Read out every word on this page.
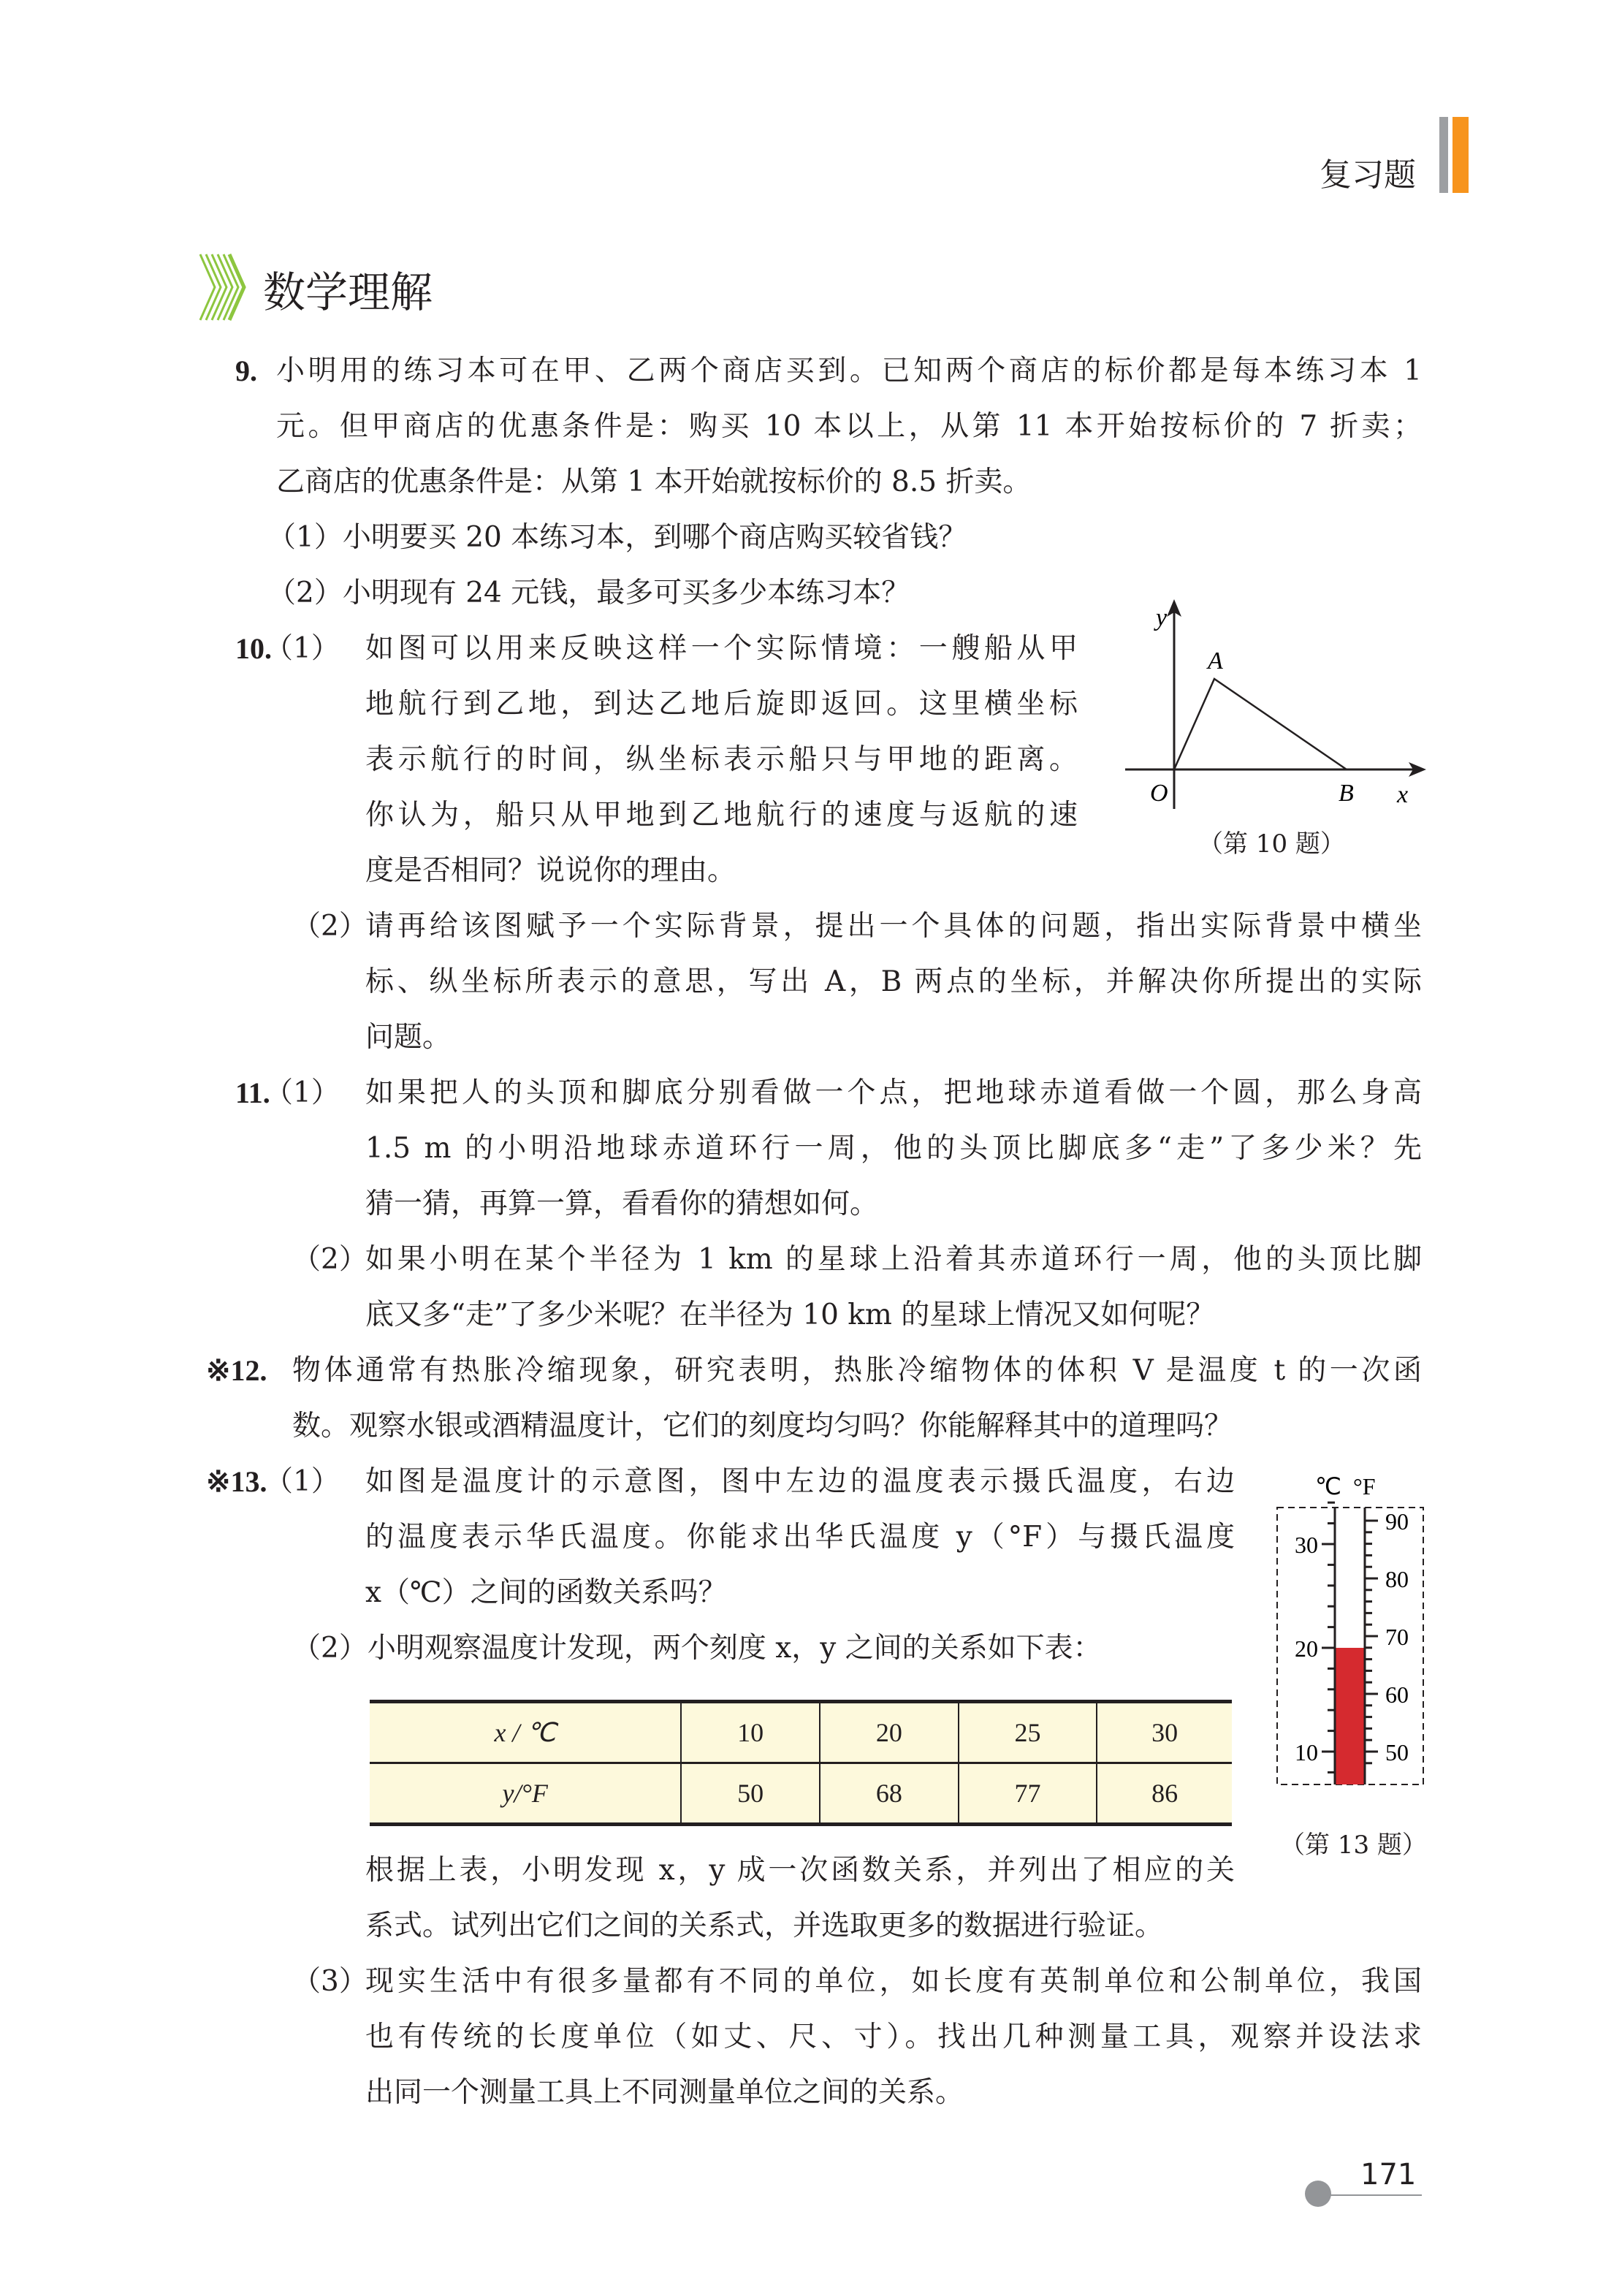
复习题
数学理解
9. 小明用的练习本可在甲、乙两个商店买到。已知两个商店的标价都是每本练习本 1
元。但甲商店的优惠条件是：购买 10 本以上，从第 11 本开始按标价的 7 折卖；
乙商店的优惠条件是：从第 1 本开始就按标价的 8.5 折卖。
（1）小明要买 20 本练习本，到哪个商店购买较省钱？
（2）小明现有 24 元钱，最多可买多少本练习本？
10.
（1） 如图可以用来反映这样一个实际情境：一艘船从甲
地航行到乙地，到达乙地后旋即返回。这里横坐标
表示航行的时间，纵坐标表示船只与甲地的距离。
你认为，船只从甲地到乙地航行的速度与返航的速
度是否相同？说说你的理由。
（2）
请再给该图赋予一个实际背景，提出一个具体的问题，指出实际背景中横坐
标、纵坐标所表示的意思，写出 A，B 两点的坐标，并解决你所提出的实际
问题。
y
A
O	B x
（第 10 题）
11.
（1） 如果把人的头顶和脚底分别看做一个点，把地球赤道看做一个圆，那么身高
1.5 m 的小明沿地球赤道环行一周，他的头顶比脚底多“走”了多少米？先
猜一猜，再算一算，看看你的猜想如何。
（2）
如果小明在某个半径为 1 km 的星球上沿着其赤道环行一周，他的头顶比脚
底又多“走”了多少米呢？在半径为 10 km 的星球上情况又如何呢？
※12. 物体通常有热胀冷缩现象，研究表明，热胀冷缩物体的体积 V 是温度 t 的一次函
数。观察水银或酒精温度计，它们的刻度均匀吗？你能解释其中的道理吗？
※13.
（1） 如图是温度计的示意图，图中左边的温度表示摄氏温度，右边
的温度表示华氏温度。你能求出华氏温度 y（°F）与摄氏温度
x（℃）之间的函数关系吗？
（2）小明观察温度计发现，两个刻度 x，y 之间的关系如下表：
x / ℃	10	20	25	30
y/°F	50	68	77	86
根据上表，小明发现 x，y 成一次函数关系，并列出了相应的关
系式。试列出它们之间的关系式，并选取更多的数据进行验证。
（3）
现实生活中有很多量都有不同的单位，如长度有英制单位和公制单位，我国
也有传统的长度单位（如丈、尺、寸）。找出几种测量工具，观察并设法求
出同一个测量工具上不同测量单位之间的关系。
℃ °F
10
20
30
50
60
70
80
90
（第 13 题）
171
